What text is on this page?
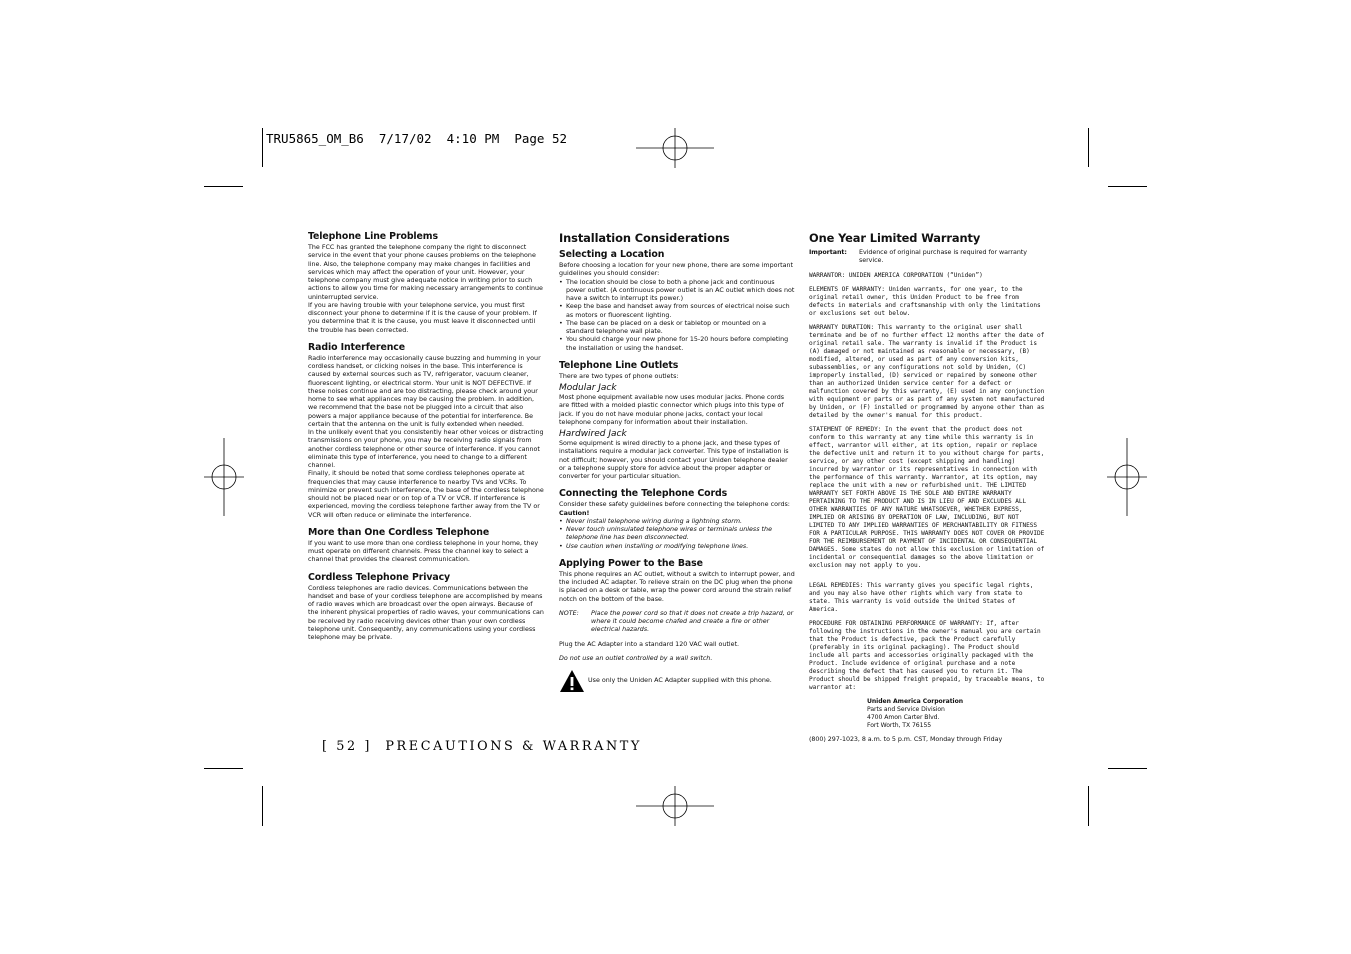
TRU5865_OM_B6  7/17/02  4:10 PM  Page 52
Telephone Line Problems

The FCC has granted the telephone company the right to disconnect service in the event that your phone causes problems on the telephone line. Also, the telephone company may make changes in facilities and services which may affect the operation of your unit. However, your telephone company must give adequate notice in writing prior to such actions to allow you time for making necessary arrangements to continue uninterrupted service.

If you are having trouble with your telephone service, you must first disconnect your phone to determine if it is the cause of your problem. If you determine that it is the cause, you must leave it disconnected until the trouble has been corrected.

Radio Interference

Radio interference may occasionally cause buzzing and humming in your cordless handset, or clicking noises in the base. This interference is caused by external sources such as TV, refrigerator, vacuum cleaner, fluorescent lighting, or electrical storm. Your unit is NOT DEFECTIVE. If these noises continue and are too distracting, please check around your home to see what appliances may be causing the problem. In addition, we recommend that the base not be plugged into a circuit that also powers a major appliance because of the potential for interference. Be certain that the antenna on the unit is fully extended when needed.

In the unlikely event that you consistently hear other voices or distracting transmissions on your phone, you may be receiving radio signals from another cordless telephone or other source of interference. If you cannot eliminate this type of interference, you need to change to a different channel.

Finally, it should be noted that some cordless telephones operate at frequencies that may cause interference to nearby TVs and VCRs. To minimize or prevent such interference, the base of the cordless telephone should not be placed near or on top of a TV or VCR. If interference is experienced, moving the cordless telephone farther away from the TV or VCR will often reduce or eliminate the interference.

More than One Cordless Telephone

If you want to use more than one cordless telephone in your home, they must operate on different channels. Press the channel key to select a channel that provides the clearest communication.

Cordless Telephone Privacy

Cordless telephones are radio devices. Communications between the handset and base of your cordless telephone are accomplished by means of radio waves which are broadcast over the open airways. Because of the inherent physical properties of radio waves, your communications can be received by radio receiving devices other than your own cordless telephone unit. Consequently, any communications using your cordless telephone may be private.

Installation Considerations
Selecting a Location

Before choosing a location for your new phone, there are some important guidelines you should consider:

• The location should be close to both a phone jack and continuous power outlet. (A continuous power outlet is an AC outlet which does not have a switch to interrupt its power.)
• Keep the base and handset away from sources of electrical noise such as motors or fluorescent lighting.
• The base can be placed on a desk or tabletop or mounted on a standard telephone wall plate.
• You should charge your new phone for 15-20 hours before completing the installation or using the handset.
Telephone Line Outlets

There are two types of phone outlets:

Modular Jack

Most phone equipment available now uses modular jacks. Phone cords are fitted with a molded plastic connector which plugs into this type of jack. If you do not have modular phone jacks, contact your local telephone company for information about their installation.

Hardwired Jack

Some equipment is wired directly to a phone jack, and these types of installations require a modular jack converter. This type of installation is not difficult; however, you should contact your Uniden telephone dealer or a telephone supply store for advice about the proper adapter or converter for your particular situation.

Connecting the Telephone Cords

Consider these safety guidelines before connecting the telephone cords:

Caution!

• Never install telephone wiring during a lightning storm.
• Never touch uninsulated telephone wires or terminals unless the telephone line has been disconnected.
• Use caution when installing or modifying telephone lines.
Applying Power to the Base

This phone requires an AC outlet, without a switch to interrupt power, and the included AC adapter. To relieve strain on the DC plug when the phone is placed on a desk or table, wrap the power cord around the strain relief notch on the bottom of the base.

NOTE:	Place the power cord so that it does not create a trip hazard, or where it could become chafed and create a fire or other electrical hazards.

Plug the AC Adapter into a standard 120 VAC wall outlet.

Do not use an outlet controlled by a wall switch.

Use only the Uniden AC Adapter supplied with this phone.

One Year Limited Warranty

Important:	Evidence of original purchase is required for warranty service.

WARRANTOR: UNIDEN AMERICA CORPORATION (“Uniden”)

ELEMENTS OF WARRANTY: Uniden warrants, for one year, to the original retail owner, this Uniden Product to be free from defects in materials and craftsmanship with only the limitations or exclusions set out below.

WARRANTY DURATION: This warranty to the original user shall terminate and be of no further effect 12 months after the date of original retail sale. The warranty is invalid if the Product is (A) damaged or not maintained as reasonable or necessary, (B) modified, altered, or used as part of any conversion kits, subassemblies, or any configurations not sold by Uniden, (C) improperly installed, (D) serviced or repaired by someone other than an authorized Uniden service center for a defect or malfunction covered by this warranty, (E) used in any conjunction with equipment or parts or as part of any system not manufactured by Uniden, or (F) installed or programmed by anyone other than as detailed by the owner's manual for this product.

STATEMENT OF REMEDY: In the event that the product does not conform to this warranty at any time while this warranty is in effect, warrantor will either, at its option, repair or replace the defective unit and return it to you without charge for parts, service, or any other cost (except shipping and handling) incurred by warrantor or its representatives in connection with the performance of this warranty. Warrantor, at its option, may replace the unit with a new or refurbished unit. THE LIMITED WARRANTY SET FORTH ABOVE IS THE SOLE AND ENTIRE WARRANTY PERTAINING TO THE PRODUCT AND IS IN LIEU OF AND EXCLUDES ALL OTHER WARRANTIES OF ANY NATURE WHATSOEVER, WHETHER EXPRESS, IMPLIED OR ARISING BY OPERATION OF LAW, INCLUDING, BUT NOT LIMITED TO ANY IMPLIED WARRANTIES OF MERCHANTABILITY OR FITNESS FOR A PARTICULAR PURPOSE. THIS WARRANTY DOES NOT COVER OR PROVIDE FOR THE REIMBURSEMENT OR PAYMENT OF INCIDENTAL OR CONSEQUENTIAL DAMAGES. Some states do not allow this exclusion or limitation of incidental or consequential damages so the above limitation or exclusion may not apply to you.

LEGAL REMEDIES: This warranty gives you specific legal rights, and you may also have other rights which vary from state to state. This warranty is void outside the United States of America.

PROCEDURE FOR OBTAINING PERFORMANCE OF WARRANTY: If, after following the instructions in the owner's manual you are certain that the Product is defective, pack the Product carefully (preferably in its original packaging). The Product should include all parts and accessories originally packaged with the Product. Include evidence of original purchase and a note describing the defect that has caused you to return it. The Product should be shipped freight prepaid, by traceable means, to warrantor at:

Uniden America Corporation

Parts and Service Division

4700 Amon Carter Blvd.

Fort Worth, TX 76155

(800) 297-1023, 8 a.m. to 5 p.m. CST, Monday through Friday

[ 52 ]  PRECAUTIONS & WARRANTY
